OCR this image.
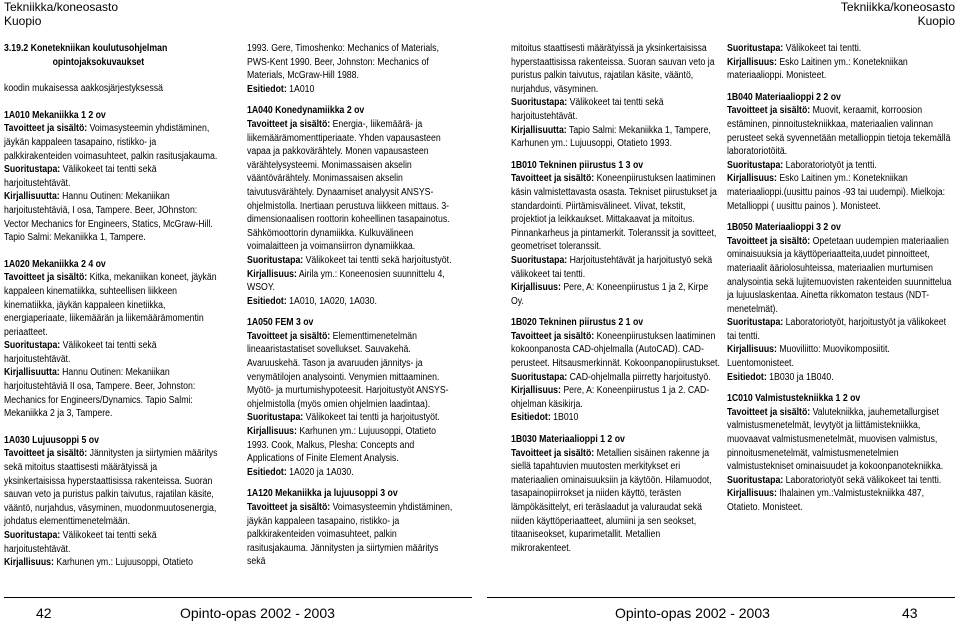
Tekniikka/koneosasto
Kuopio
Tekniikka/koneosasto
Kuopio

3.19.2 Konetekniikan koulutusohjelman

opintojaksokuvaukset

koodin mukaisessa aakkosjärjestyksessä

1A010 Mekaniikka 1 2 ov

Tavoitteet ja sisältö: Voimasysteemin yhdistäminen, jäykän kappaleen tasapaino, ristikko- ja palkkirakenteiden voimasuhteet, palkin rasitusjakauma.

Suoritustapa: Välikokeet tai tentti sekä harjoitustehtävät.

Kirjallisuutta: Hannu Outinen: Mekaniikan harjoitustehtäviä, I osa, Tampere. Beer, JOhnston: Vector Mechanics for Engineers, Statics, McGraw-Hill. Tapio Salmi: Mekaniikka 1, Tampere.

1A020 Mekaniikka 2 4 ov

Tavoitteet ja sisältö: Kitka, mekaniikan koneet, jäykän kappaleen kinematiikka, suhteellisen liikkeen kinematiikka, jäykän kappaleen kinetiikka, energiaperiaate, liikemäärän ja liikemäärämomentin periaatteet.

Suoritustapa: Välikokeet tai tentti sekä harjoitustehtävät.

Kirjallisuutta: Hannu Outinen: Mekaniikan harjoitustehtäviä II osa, Tampere. Beer, Johnston: Mechanics for Engineers/Dynamics. Tapio Salmi: Mekaniikka 2 ja 3, Tampere.

1A030 Lujuusoppi 5 ov

Tavoitteet ja sisältö: Jännitysten ja siirtymien määritys sekä mitoitus staattisesti määrätyissä ja yksinkertaisissa hyperstaattisissa rakenteissa. Suoran sauvan veto ja puristus palkin taivutus, rajatilan käsite, vääntö, nurjahdus, väsyminen, muodonmuutosenergia, johdatus elementtimenetelmään.

Suoritustapa: Välikokeet tai tentti sekä harjoitustehtävät.

Kirjallisuus: Karhunen ym.: Lujuusoppi, Otatieto

1993. Gere, Timoshenko: Mechanics of Materials, PWS-Kent 1990. Beer, Johnston: Mechanics of Materials, McGraw-Hill 1988.

Esitiedot: 1A010

1A040 Konedynamiikka 2 ov

Tavoitteet ja sisältö: Energia-, liikemäärä- ja liikemäärämomenttiperiaate. Yhden vapausasteen vapaa ja pakkovärähtely. Monen vapausasteen värähtelysysteemi. Monimassaisen akselin vääntövärähtely. Monimassaisen akselin taivutusvärähtely. Dynaamiset analyysit ANSYS-ohjelmistolla. Inertiaan perustuva liikkeen mittaus. 3-dimensionaalisen roottorin koheellinen tasapainotus. Sähkömoottorin dynamiikka. Kulkuvälineen voimalaitteen ja voimansiirron dynamiikkaa.

Suoritustapa: Välikokeet tai tentti sekä harjoitustyöt.

Kirjallisuus: Airila ym.: Koneenosien suunnittelu 4, WSOY.

Esitiedot: 1A010, 1A020, 1A030.

1A050 FEM 3 ov

Tavoitteet ja sisältö: Elementtimenetelmän lineaaristastatiset sovellukset. Sauvakehä. Avaruuskehä. Tason ja avaruuden jännitys- ja venymätilojen analysointi. Venymien mittaaminen. Myötö- ja murtumishypoteesit. Harjoitustyöt ANSYS-ohjelmistolla (myös omien ohjelmien laadintaa).

Suoritustapa: Välikokeet tai tentti ja harjoitustyöt.

Kirjallisuus: Karhunen ym.: Lujuusoppi, Otatieto 1993. Cook, Malkus, Plesha: Concepts and Applications of Finite Element Analysis.

Esitiedot: 1A020 ja 1A030.

1A120 Mekaniikka ja lujuusoppi 3 ov

Tavoitteet ja sisältö: Voimasysteemin yhdistäminen, jäykän kappaleen tasapaino, ristikko- ja palkkirakenteiden voimasuhteet, palkin rasitusjakauma. Jännitysten ja siirtymien määritys sekä

mitoitus staattisesti määrätyissä ja yksinkertaisissa hyperstaattisissa rakenteissa. Suoran sauvan veto ja puristus palkin taivutus, rajatilan käsite, vääntö, nurjahdus, väsyminen.

Suoritustapa: Välikokeet tai tentti sekä harjoitustehtävät.

Kirjallisuutta: Tapio Salmi: Mekaniikka 1, Tampere, Karhunen ym.: Lujuusoppi, Otatieto 1993.

1B010 Tekninen piirustus 1 3 ov

Tavoitteet ja sisältö: Koneenpiirustuksen laatiminen käsin valmistettavasta osasta. Tekniset piirustukset ja standardointi. Piirtämisvälineet. Viivat, tekstit, projektiot ja leikkaukset. Mittakaavat ja mitoitus. Pinnankarheus ja pintamerkit. Toleranssit ja sovitteet, geometriset toleranssit.

Suoritustapa: Harjoitustehtävät ja harjoitustyö sekä välikokeet tai tentti.

Kirjallisuus: Pere, A: Koneenpiirustus 1 ja 2, Kirpe Oy.

1B020 Tekninen piirustus 2 1 ov

Tavoitteet ja sisältö: Koneenpiirustuksen laatiminen kokoonpanosta CAD-ohjelmalla (AutoCAD). CAD-perusteet. Hitsausmerkinnät. Kokoonpanopiirustukset.

Suoritustapa: CAD-ohjelmalla piirretty harjoitustyö.

Kirjallisuus: Pere, A: Koneenpiirustus 1 ja 2. CAD-ohjelman käsikirja.

Esitiedot: 1B010

1B030 Materiaalioppi 1 2 ov

Tavoitteet ja sisältö: Metallien sisäinen rakenne ja siellä tapahtuvien muutosten merkitykset eri materiaalien ominaisuuksiin ja käytöön. Hilamuodot, tasapainopiirrokset ja niiden käyttö, terästen lämpökäsittelyt, eri teräslaadut ja valuraudat sekä niiden käyttöperiaatteet, alumiini ja sen seokset, titaaniseokset, kuparimetallit. Metallien mikrorakenteet.

Suoritustapa: Välikokeet tai tentti.

Kirjallisuus: Esko Laitinen ym.: Konetekniikan materiaalioppi. Monisteet.

1B040 Materiaalioppi 2 2 ov

Tavoitteet ja sisältö: Muovit, keraamit, korroosion estäminen, pinnoitustekniikkaa, materiaalien valinnan perusteet sekä syvennetään metallioppin tietoja tekemällä laboratoriotöitä.

Suoritustapa: Laboratoriotyöt ja tentti.

Kirjallisuus: Esko Laitinen ym.: Konetekniikan materiaalioppi.(uusittu painos -93 tai uudempi). Mielkoja: Metallioppi ( uusittu painos ). Monisteet.

1B050 Materiaalioppi 3 2 ov

Tavoitteet ja sisältö: Opetetaan uudempien materiaalien ominaisuuksia ja käyttöperiaatteita,uudet pinnoitteet, materiaalit ääriolosuhteissa, materiaalien murtumisen analysointia sekä lujitemuovisten rakenteiden suunnittelua ja lujuuslaskentaa. Ainetta rikkomaton testaus (NDT-menetelmät).

Suoritustapa: Laboratoriotyöt, harjoitustyöt ja välikokeet tai tentti.

Kirjallisuus: Muoviliitto: Muovikomposiitit. Luentomonisteet.

Esitiedot: 1B030 ja 1B040.

1C010 Valmistustekniikka 1 2 ov

Tavoitteet ja sisältö: Valutekniikka, jauhemetallurgiset valmistusmenetelmät, levytyöt ja liittämistekniikka, muovaavat valmistusmenetelmät, muovisen valmistus, pinnoitusmenetelmät, valmistusmenetelmien valmistustekniset ominaisuudet ja kokoonpanotekniikka.

Suoritustapa: Laboratoriotyöt sekä välikokeet tai tentti.

Kirjallisuus: Ihalainen ym.:Valmistustekniikka 487, Otatieto. Monisteet.

42	Opinto-opas 2002 - 2003	Opinto-opas 2002 - 2003	43
